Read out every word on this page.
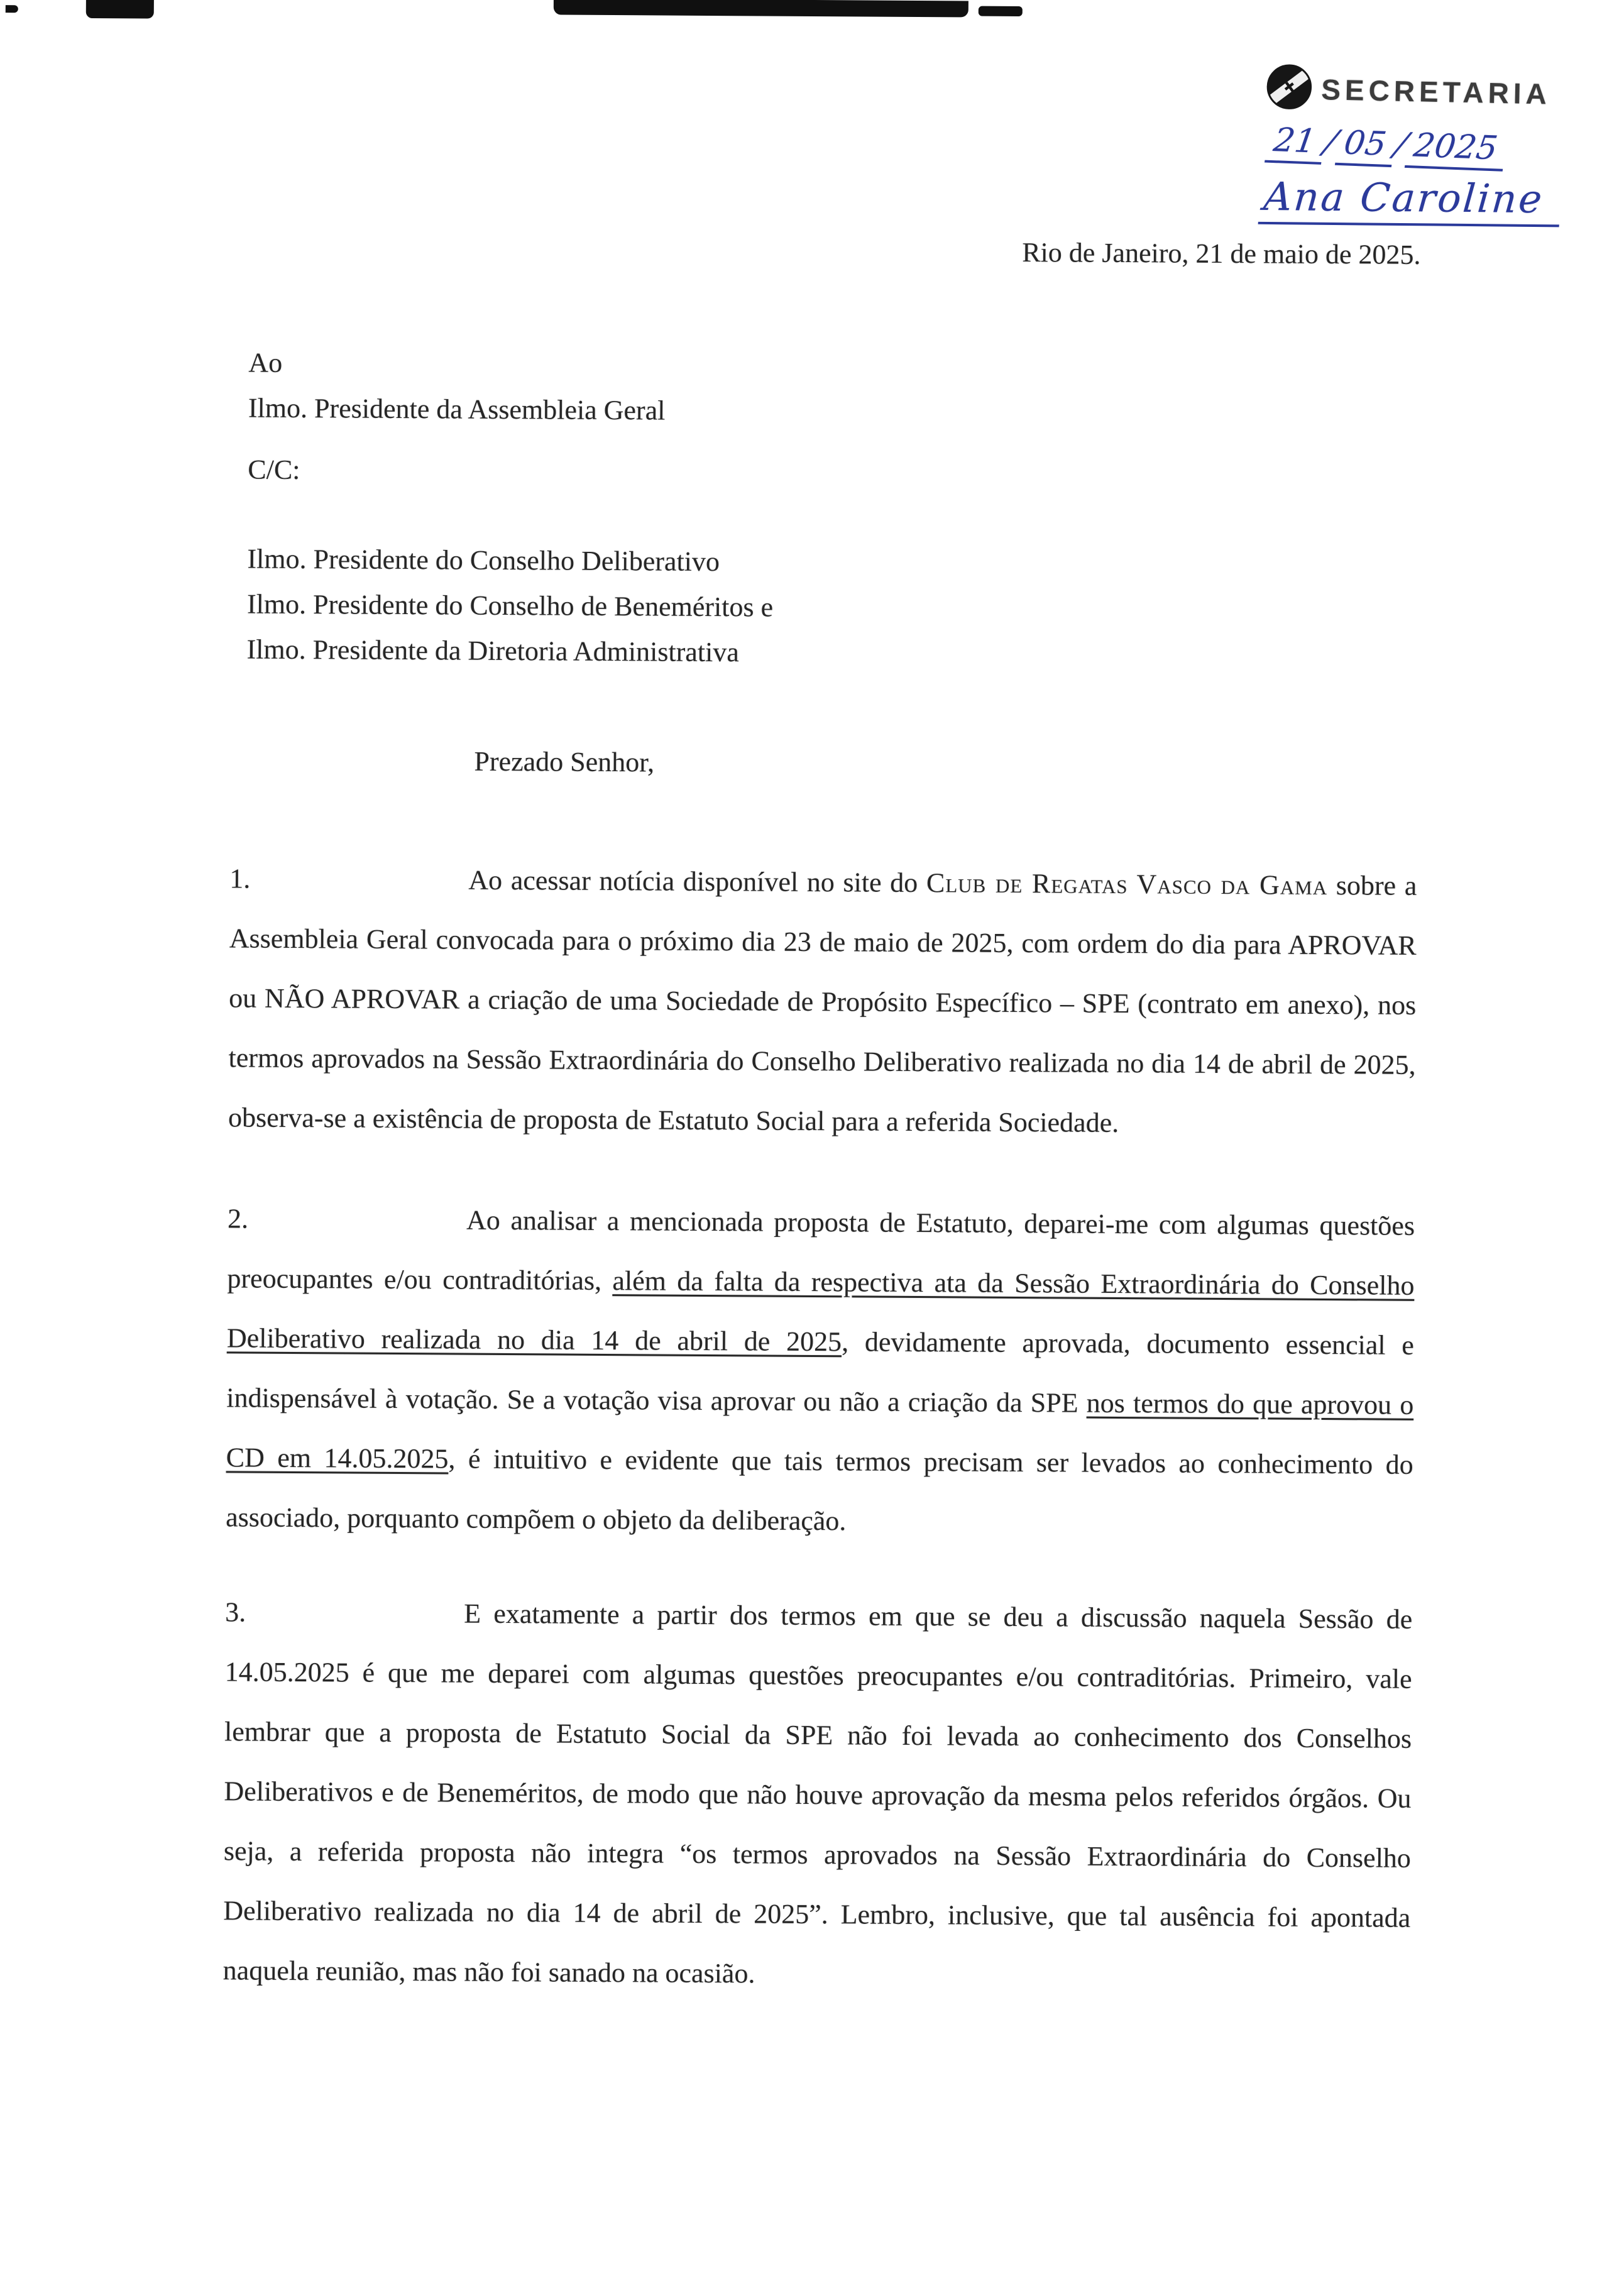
SECRETARIA
21/05/2025
Ana Caroline
Rio de Janeiro, 21 de maio de 2025.
Ao
Ilmo. Presidente da Assembleia Geral
C/C:
Ilmo. Presidente do Conselho Deliberativo
Ilmo. Presidente do Conselho de Beneméritos e
Ilmo. Presidente da Diretoria Administrativa
Prezado Senhor,
1.	Ao acessar notícia disponível no site do Club de Regatas Vasco da Gama sobre a Assembleia Geral convocada para o próximo dia 23 de maio de 2025, com ordem do dia para APROVAR ou NÃO APROVAR a criação de uma Sociedade de Propósito Específico – SPE (contrato em anexo), nos termos aprovados na Sessão Extraordinária do Conselho Deliberativo realizada no dia 14 de abril de 2025, observa-se a existência de proposta de Estatuto Social para a referida Sociedade.

2.	Ao analisar a mencionada proposta de Estatuto, deparei-me com algumas questões preocupantes e/ou contraditórias, além da falta da respectiva ata da Sessão Extraordinária do Conselho Deliberativo realizada no dia 14 de abril de 2025, devidamente aprovada, documento essencial e indispensável à votação. Se a votação visa aprovar ou não a criação da SPE nos termos do que aprovou o CD em 14.05.2025, é intuitivo e evidente que tais termos precisam ser levados ao conhecimento do associado, porquanto compõem o objeto da deliberação.

3.	E exatamente a partir dos termos em que se deu a discussão naquela Sessão de 14.05.2025 é que me deparei com algumas questões preocupantes e/ou contraditórias. Primeiro, vale lembrar que a proposta de Estatuto Social da SPE não foi levada ao conhecimento dos Conselhos Deliberativos e de Beneméritos, de modo que não houve aprovação da mesma pelos referidos órgãos. Ou seja, a referida proposta não integra “os termos aprovados na Sessão Extraordinária do Conselho Deliberativo realizada no dia 14 de abril de 2025”. Lembro, inclusive, que tal ausência foi apontada naquela reunião, mas não foi sanado na ocasião.
